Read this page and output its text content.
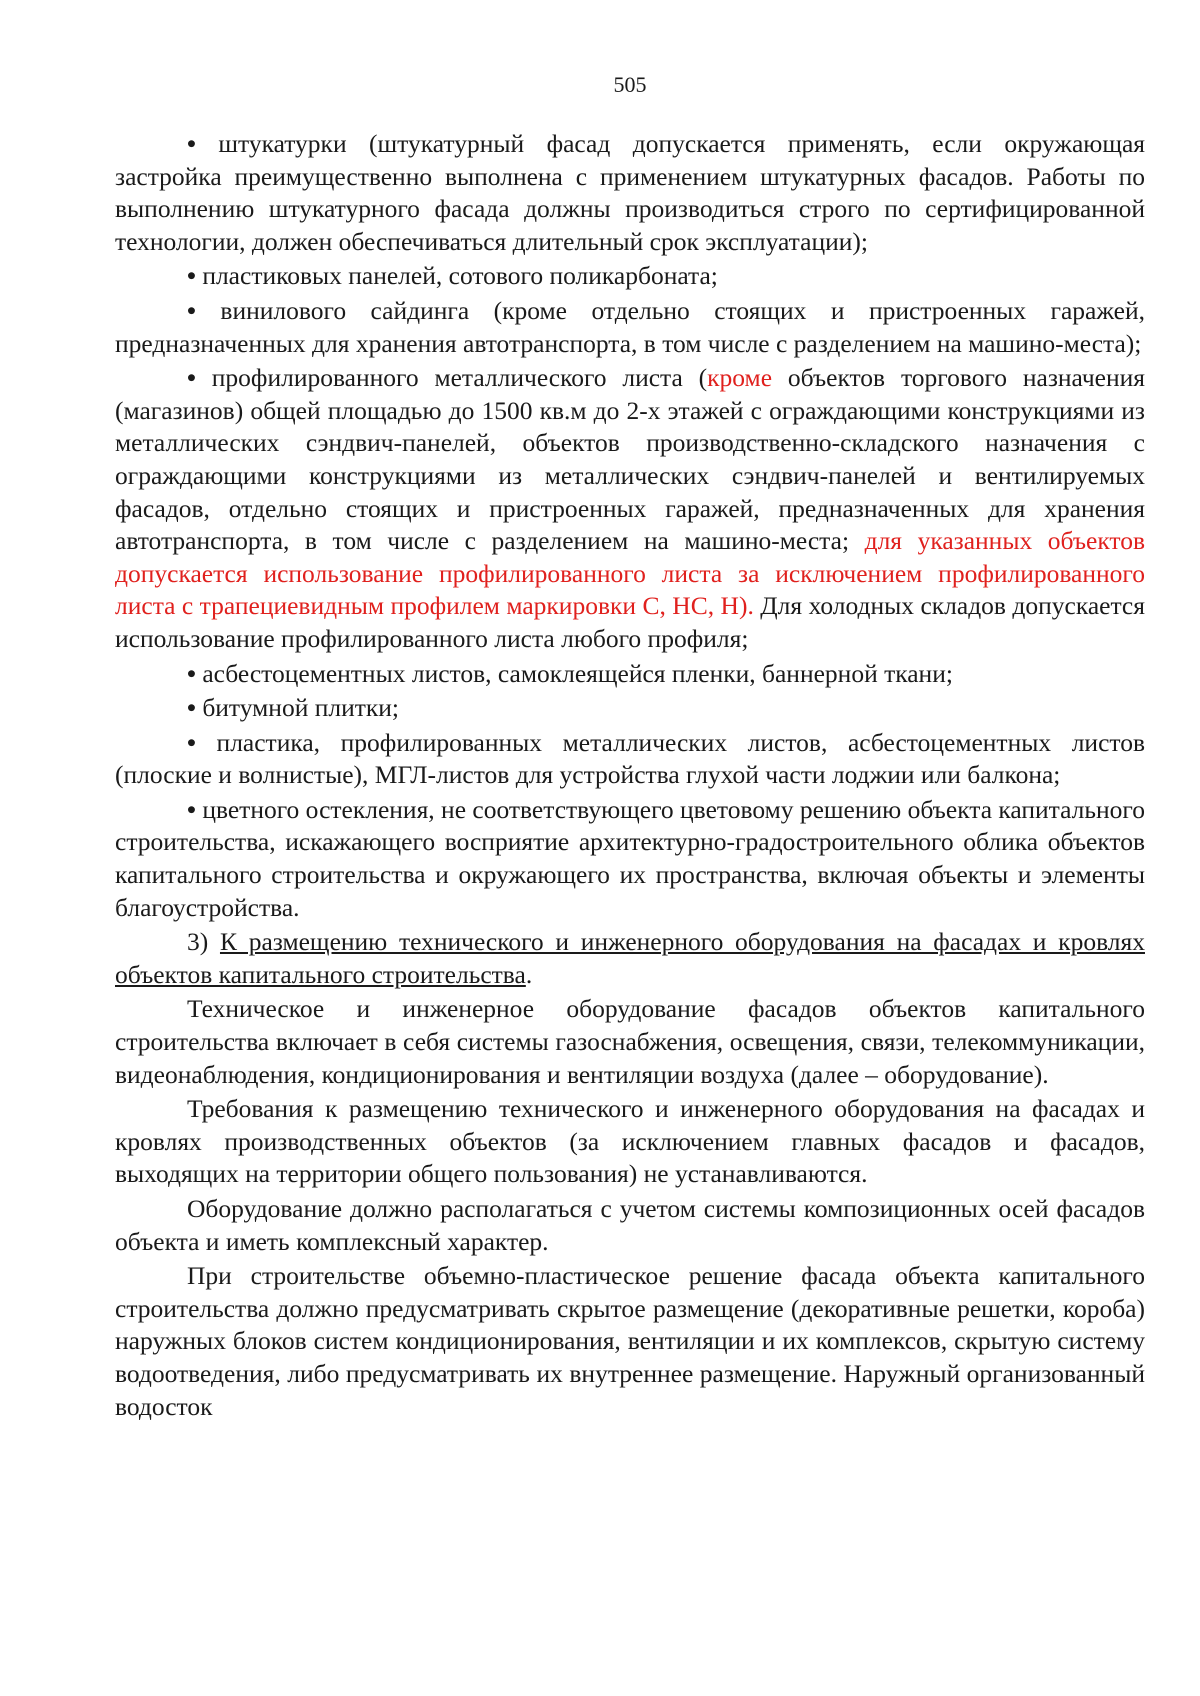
505

• штукатурки (штукатурный фасад допускается применять, если окружающая застройка преимущественно выполнена с применением штукатурных фасадов. Работы по выполнению штукатурного фасада должны производиться строго по сертифицированной технологии, должен обеспечиваться длительный срок эксплуатации);

• пластиковых панелей, сотового поликарбоната;

• винилового сайдинга (кроме отдельно стоящих и пристроенных гаражей, предназначенных для хранения автотранспорта, в том числе с разделением на машино-места);

• профилированного металлического листа (кроме объектов торгового назначения (магазинов) общей площадью до 1500 кв.м до 2-х этажей с ограждающими конструкциями из металлических сэндвич-панелей, объектов производственно-складского назначения с ограждающими конструкциями из металлических сэндвич-панелей и вентилируемых фасадов, отдельно стоящих и пристроенных гаражей, предназначенных для хранения автотранспорта, в том числе с разделением на машино-места; для указанных объектов допускается использование профилированного листа за исключением профилированного листа с трапециевидным профилем маркировки С, НС, Н). Для холодных складов допускается использование профилированного листа любого профиля;

• асбестоцементных листов, самоклеящейся пленки, баннерной ткани;

• битумной плитки;

• пластика, профилированных металлических листов, асбестоцементных листов (плоские и волнистые), МГЛ-листов для устройства глухой части лоджии или балкона;

• цветного остекления, не соответствующего цветовому решению объекта капитального строительства, искажающего восприятие архитектурно-градостроительного облика объектов капитального строительства и окружающего их пространства, включая объекты и элементы благоустройства.

3) К размещению технического и инженерного оборудования на фасадах и кровлях объектов капитального строительства.

Техническое и инженерное оборудование фасадов объектов капитального строительства включает в себя системы газоснабжения, освещения, связи, телекоммуникации, видеонаблюдения, кондиционирования и вентиляции воздуха (далее – оборудование).

Требования к размещению технического и инженерного оборудования на фасадах и кровлях производственных объектов (за исключением главных фасадов и фасадов, выходящих на территории общего пользования) не устанавливаются.

Оборудование должно располагаться с учетом системы композиционных осей фасадов объекта и иметь комплексный характер.

При строительстве объемно-пластическое решение фасада объекта капитального строительства должно предусматривать скрытое размещение (декоративные решетки, короба) наружных блоков систем кондиционирования, вентиляции и их комплексов, скрытую систему водоотведения, либо предусматривать их внутреннее размещение. Наружный организованный водосток
